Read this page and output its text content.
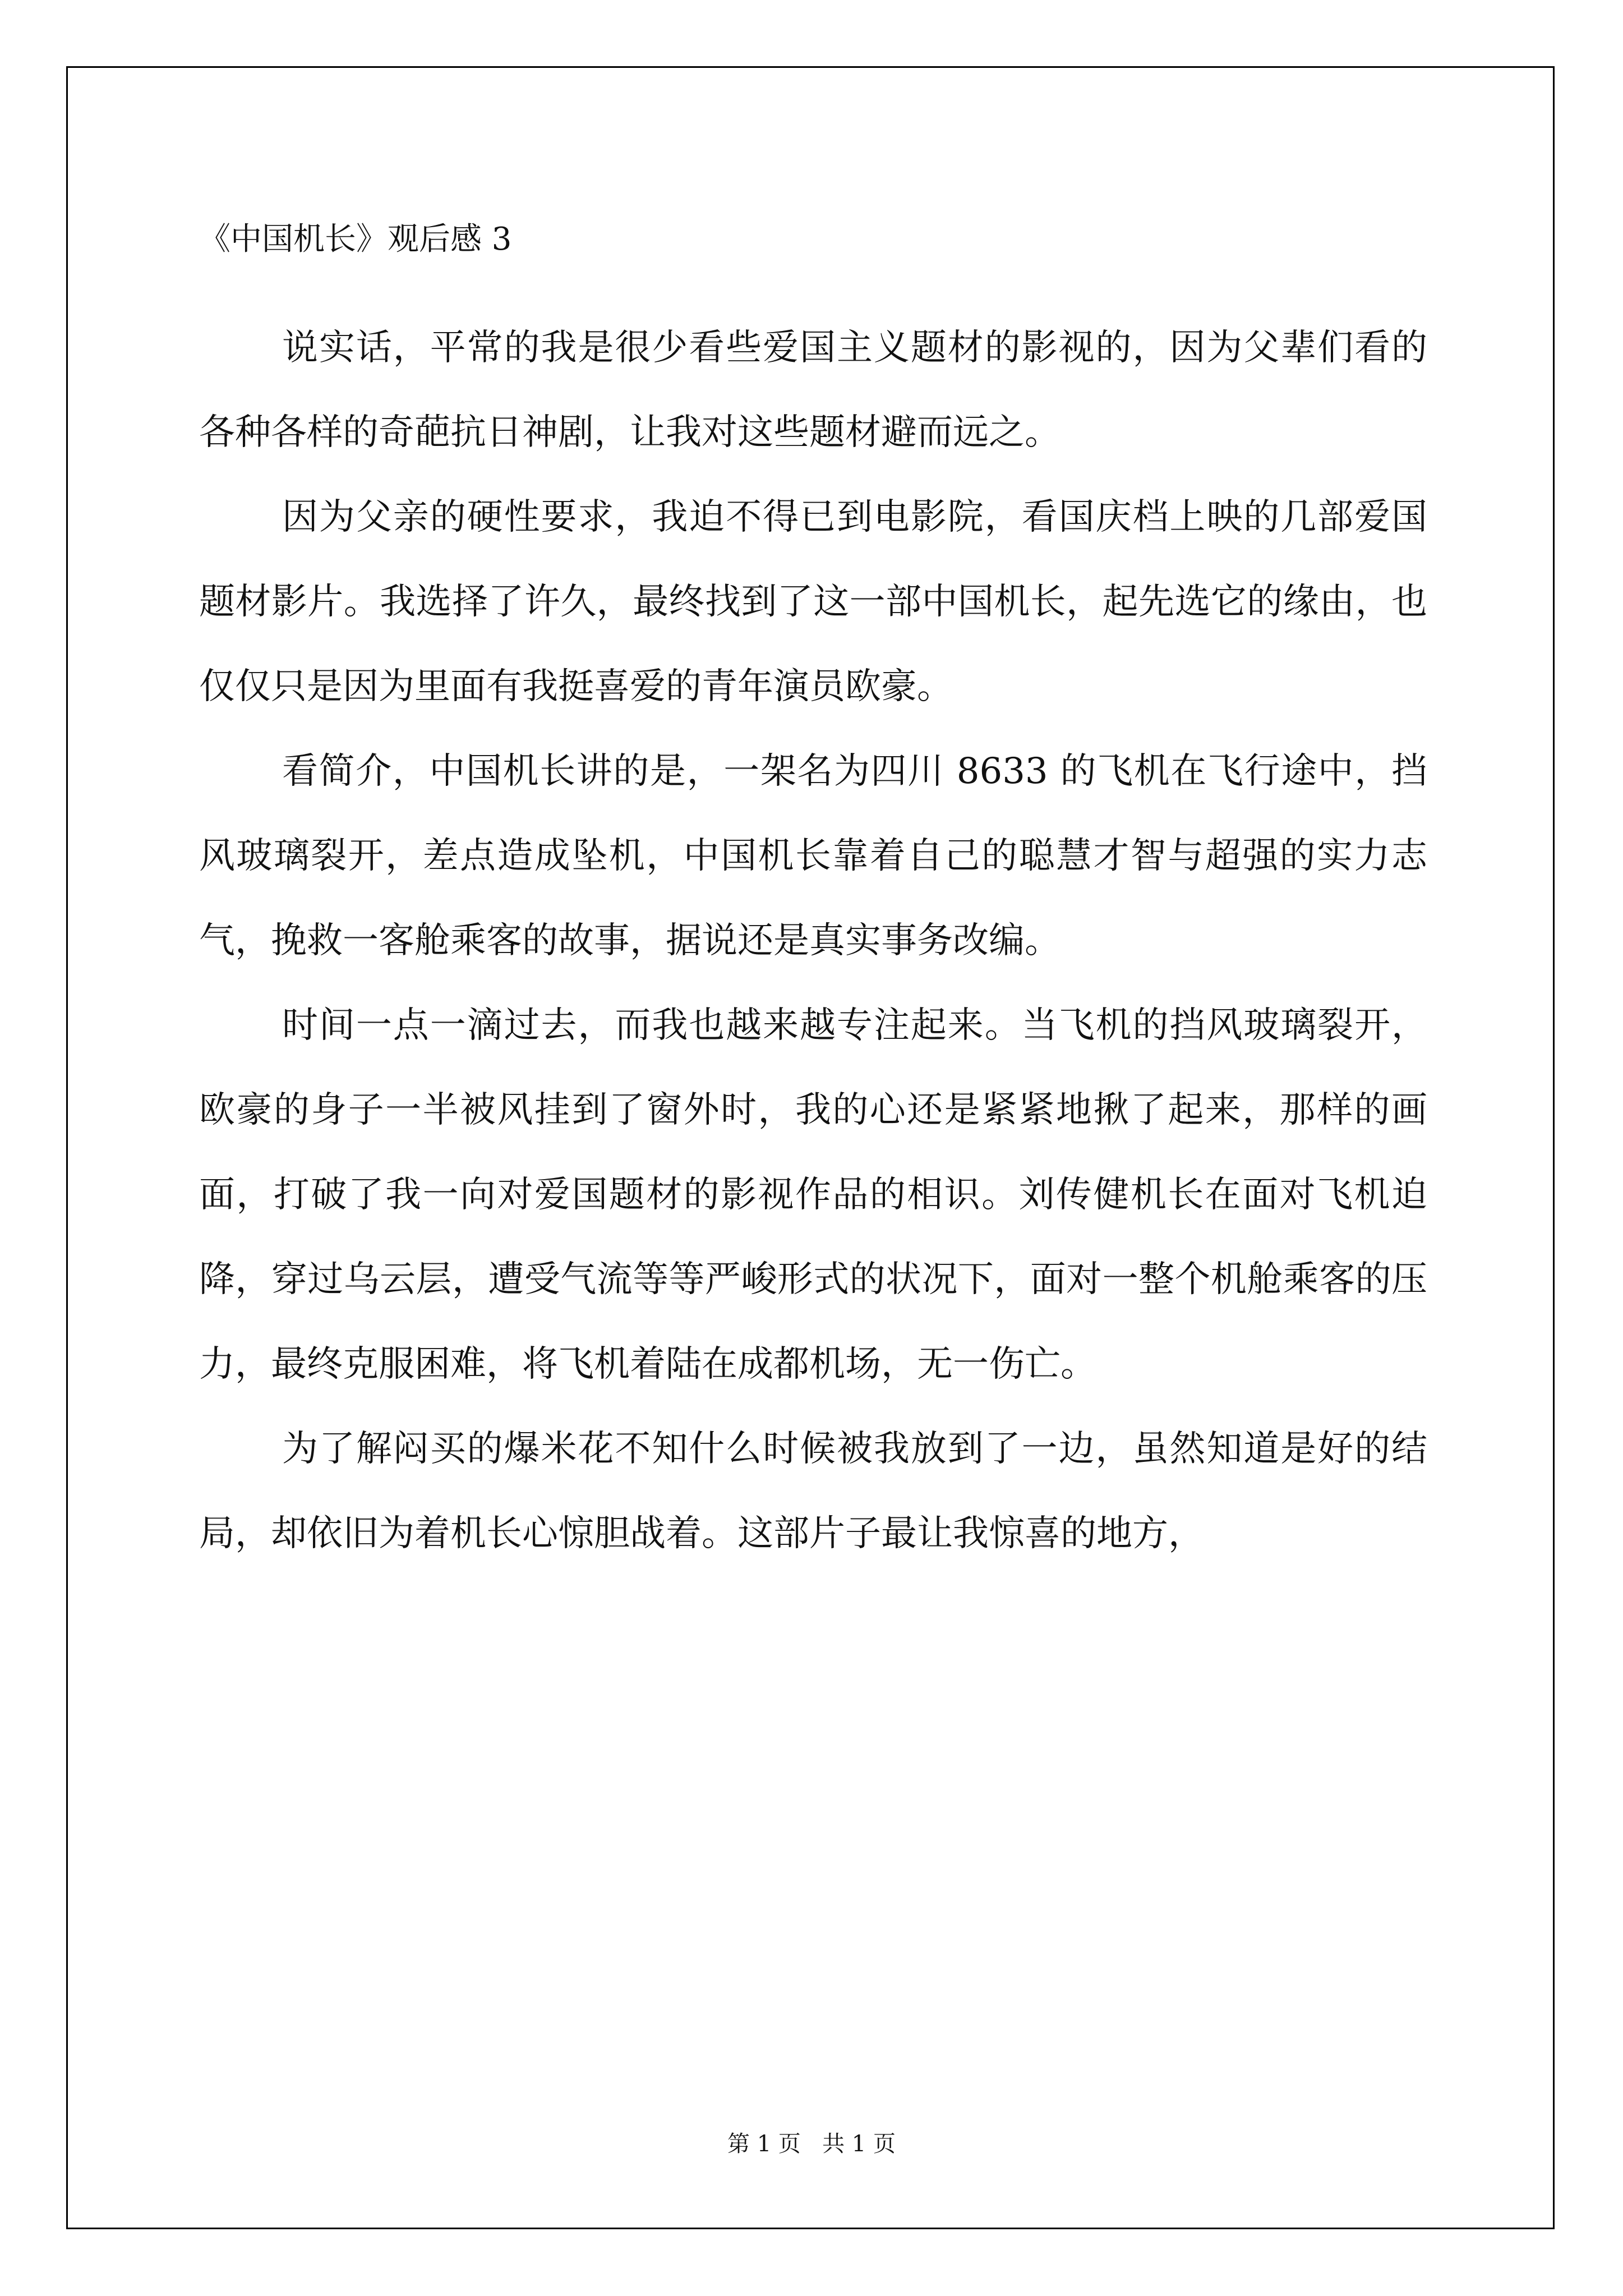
《中国机长》观后感 3

说实话，平常的我是很少看些爱国主义题材的影视的，因为父辈们看的各种各样的奇葩抗日神剧，让我对这些题材避而远之。

因为父亲的硬性要求，我迫不得已到电影院，看国庆档上映的几部爱国题材影片。我选择了许久，最终找到了这一部中国机长，起先选它的缘由，也仅仅只是因为里面有我挺喜爱的青年演员欧豪。

看简介，中国机长讲的是，一架名为四川 8633 的飞机在飞行途中，挡风玻璃裂开，差点造成坠机，中国机长靠着自己的聪慧才智与超强的实力志气，挽救一客舱乘客的故事，据说还是真实事务改编。

时间一点一滴过去，而我也越来越专注起来。当飞机的挡风玻璃裂开，欧豪的身子一半被风挂到了窗外时，我的心还是紧紧地揪了起来，那样的画面，打破了我一向对爱国题材的影视作品的相识。刘传健机长在面对飞机迫降，穿过乌云层，遭受气流等等严峻形式的状况下，面对一整个机舱乘客的压力，最终克服困难，将飞机着陆在成都机场，无一伤亡。

为了解闷买的爆米花不知什么时候被我放到了一边，虽然知道是好的结局，却依旧为着机长心惊胆战着。这部片子最让我惊喜的地方，

第 1 页   共 1 页
